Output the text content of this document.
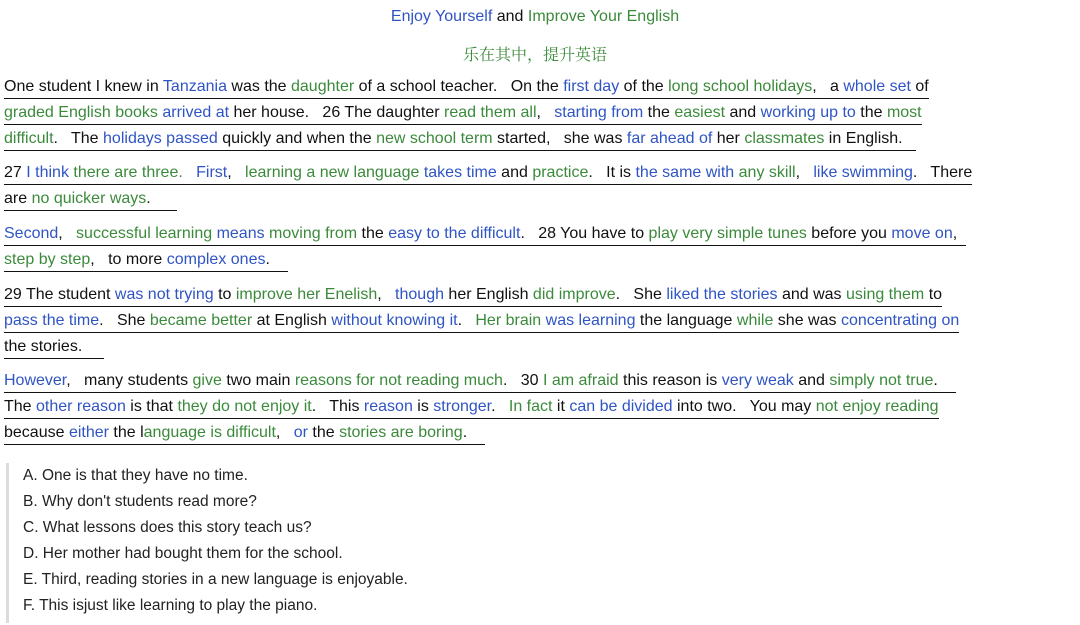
Enjoy Yourself and Improve Your English
乐在其中，提升英语
One student I knew in Tanzania was the daughter of a school teacher.   On the first day of the long school holidays,   a whole set of
graded English books arrived at her house.   26 The daughter read them all,   starting from the easiest and working up to the most
difficult.   The holidays passed quickly and when the new school term started,   she was far ahead of her classmates in English.
27 I think there are three.   First,   learning a new language takes time and practice.   It is the same with any skill,   like swimming.   There
are no quicker ways.
Second,   successful learning means moving from the easy to the difficult.   28 You have to play very simple tunes before you move on,
step by step,   to more complex ones.
29 The student was not trying to improve her Enelish,   though her English did improve.   She liked the stories and was using them to
pass the time.   She became better at English without knowing it.   Her brain was learning the language while she was concentrating on
the stories.
However,   many students give two main reasons for not reading much.   30 I am afraid this reason is very weak and simply not true.
The other reason is that they do not enjoy it.   This reason is stronger.   In fact it can be divided into two.   You may not enjoy reading
because either the language is difficult,   or the stories are boring.
A. One is that they have no time.
B. Why don't students read more?
C. What lessons does this story teach us?
D. Her mother had bought them for the school.
E. Third, reading stories in a new language is enjoyable.
F. This isjust like learning to play the piano.
